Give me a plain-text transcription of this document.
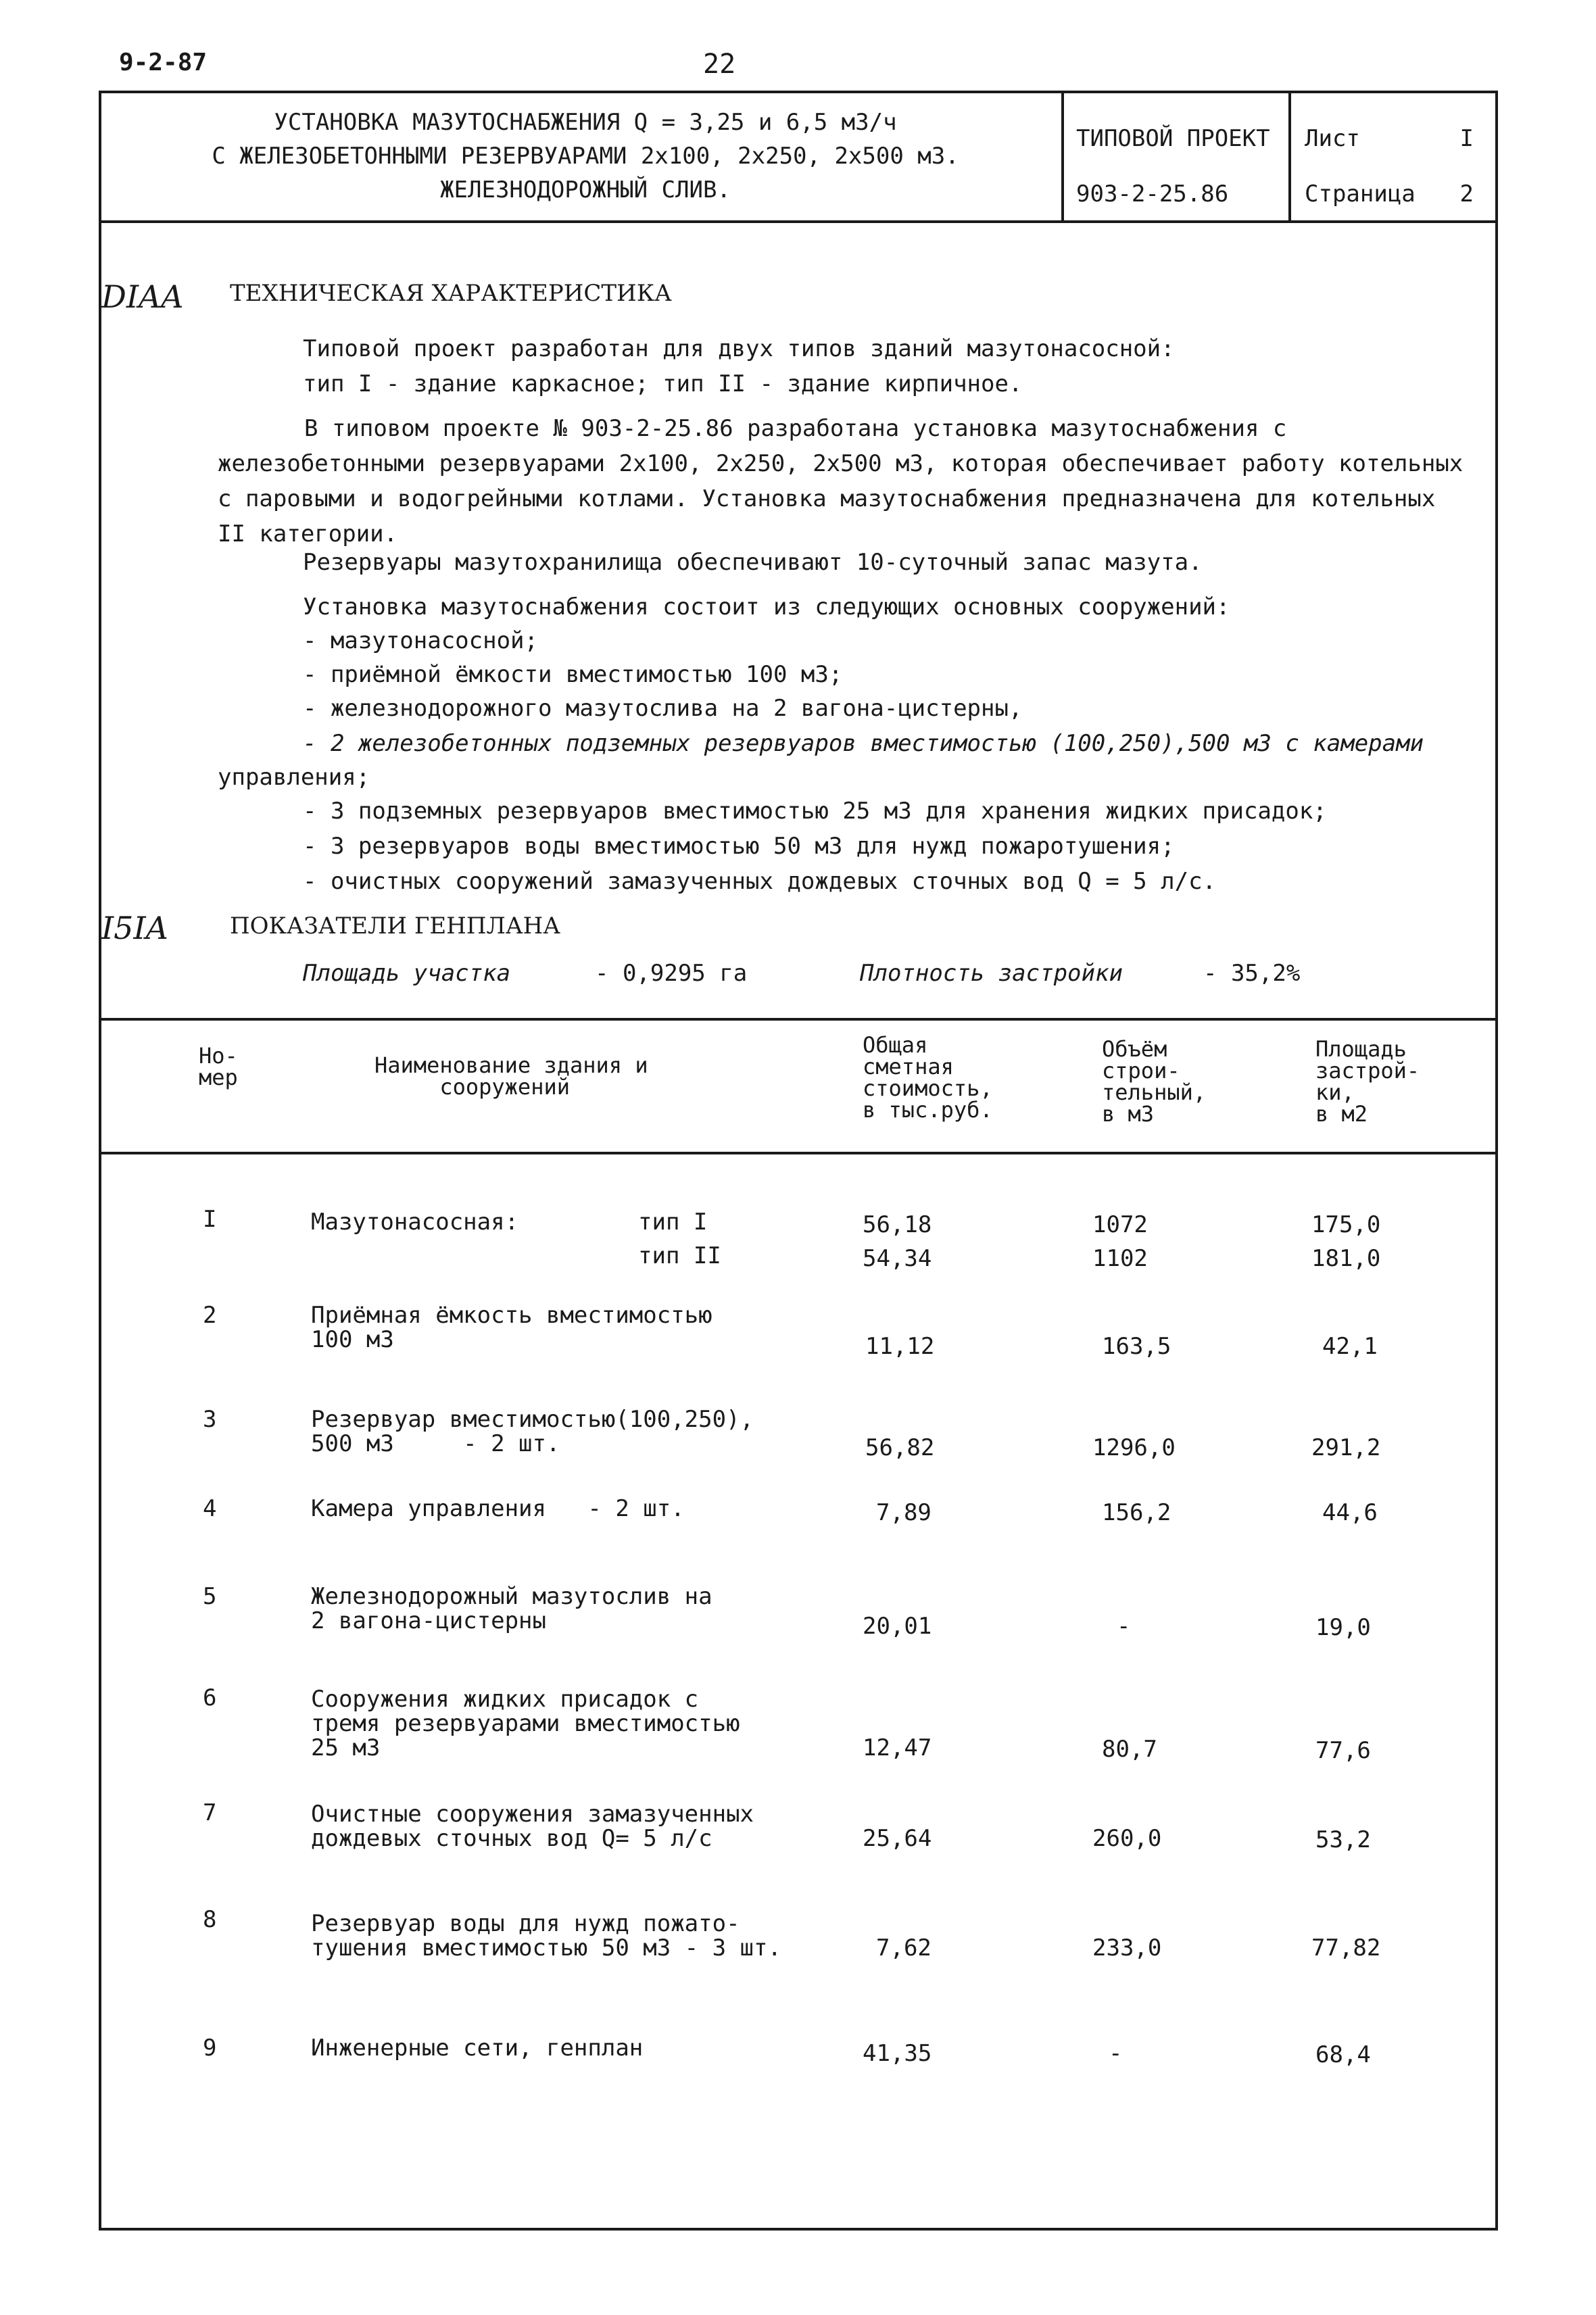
9-2-87	22
УСТАНОВКА МАЗУТОСНАБЖЕНИЯ Q = 3,25 и 6,5 м3/ч
С ЖЕЛЕЗОБЕТОННЫМИ РЕЗЕРВУАРАМИ 2х100, 2х250, 2х500 м3.
ЖЕЛЕЗНОДОРОЖНЫЙ СЛИВ.
ТИПОВОЙ ПРОЕКТ
903-2-25.86
Лист	I
Страница 2
DIAA ТЕХНИЧЕСКАЯ ХАРАКТЕРИСТИКА
Типовой проект разработан для двух типов зданий мазутонасосной:
тип I - здание каркасное; тип II - здание кирпичное.
В типовом проекте № 903-2-25.86 разработана установка мазутоснабжения с железобетонными резервуарами 2х100, 2х250, 2х500 м3, которая обеспечивает работу котельных с паровыми и водогрейными котлами. Установка мазутоснабжения предназначена для котельных II категории.
Резервуары мазутохранилища обеспечивают 10-суточный запас мазута.
Установка мазутоснабжения состоит из следующих основных сооружений:
- мазутонасосной;
- приёмной ёмкости вместимостью 100 м3;
- железнодорожного мазутослива на 2 вагона-цистерны,
- 2 железобетонных подземных резервуаров вместимостью (100,250),500 м3 с камерами
управления;
- 3 подземных резервуаров вместимостью 25 м3 для хранения жидких присадок;
- 3 резервуаров воды вместимостью 50 м3 для нужд пожаротушения;
- очистных сооружений замазученных дождевых сточных вод Q = 5 л/с.
I5IA	ПОКАЗАТЕЛИ ГЕНПЛАНА
Площадь участка	- 0,9295 га	Плотность застройки	- 35,2%
Но-
мер	Наименование здания и
сооружений
Общая
сметная
стоимость,
в тыс.руб.
Объём
строи-
тельный,
в м3
Площадь
застрой-
ки,
в м2
I	Мазутонасосная:	тип I	56,18	1072	175,0
тип II	54,34	1102	181,0
2	Приёмная ёмкость вместимостью
100 м3	11,12	163,5	42,1
3	Резервуар вместимостью(100,250),
500 м3     - 2 шт.	56,82	1296,0	291,2
4	Камера управления   - 2 шт.	7,89	156,2	44,6
5	Железнодорожный мазутослив на
2 вагона-цистерны	20,01	-	19,0
6	Сооружения жидких присадок с
тремя резервуарами вместимостью
25 м3	12,47	80,7	77,6
7	Очистные сооружения замазученных
дождевых сточных вод Q= 5 л/с	25,64	260,0	53,2
8	Резервуар воды для нужд пожато-
тушения вместимостью 50 м3 - 3 шт.	7,62	233,0	77,82
9	Инженерные сети, генплан	41,35	-	68,4
